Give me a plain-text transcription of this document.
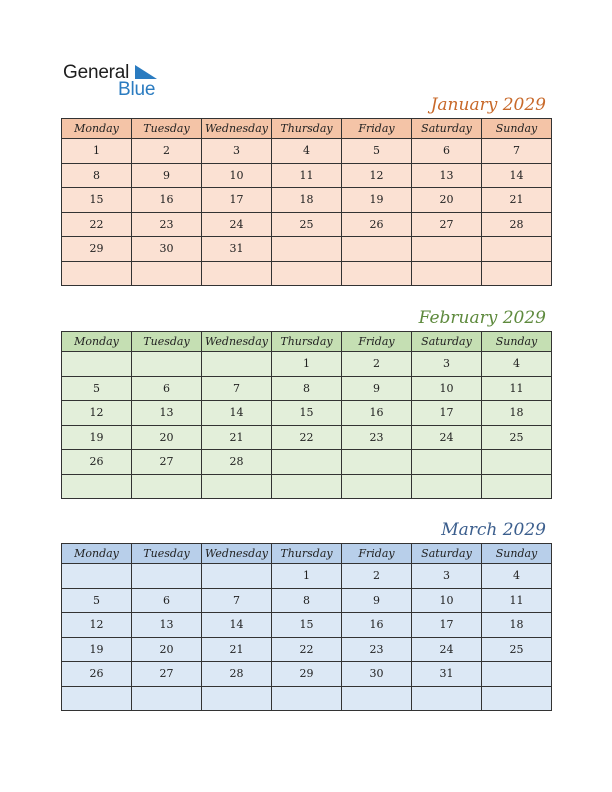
General
Blue
January 2029
Monday	Tuesday	Wednesday	Thursday	Friday	Saturday	Sunday
1	2	3	4	5	6	7
8	9	10	11	12	13	14
15	16	17	18	19	20	21
22	23	24	25	26	27	28
29	30	31				

February 2029
Monday	Tuesday	Wednesday	Thursday	Friday	Saturday	Sunday
			1	2	3	4
5	6	7	8	9	10	11
12	13	14	15	16	17	18
19	20	21	22	23	24	25
26	27	28				

March 2029
Monday	Tuesday	Wednesday	Thursday	Friday	Saturday	Sunday
			1	2	3	4
5	6	7	8	9	10	11
12	13	14	15	16	17	18
19	20	21	22	23	24	25
26	27	28	29	30	31	
